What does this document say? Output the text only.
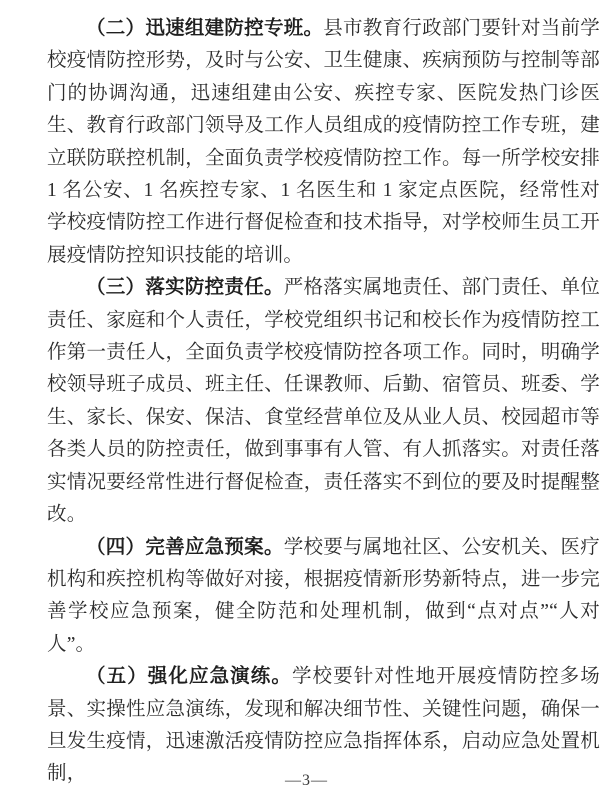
（二）迅速组建防控专班。县市教育行政部门要针对当前学校疫情防控形势，及时与公安、卫生健康、疾病预防与控制等部门的协调沟通，迅速组建由公安、疾控专家、医院发热门诊医生、教育行政部门领导及工作人员组成的疫情防控工作专班，建立联防联控机制，全面负责学校疫情防控工作。每一所学校安排 1 名公安、1 名疾控专家、1 名医生和 1 家定点医院，经常性对学校疫情防控工作进行督促检查和技术指导，对学校师生员工开展疫情防控知识技能的培训。

（三）落实防控责任。严格落实属地责任、部门责任、单位责任、家庭和个人责任，学校党组织书记和校长作为疫情防控工作第一责任人，全面负责学校疫情防控各项工作。同时，明确学校领导班子成员、班主任、任课教师、后勤、宿管员、班委、学生、家长、保安、保洁、食堂经营单位及从业人员、校园超市等各类人员的防控责任，做到事事有人管、有人抓落实。对责任落实情况要经常性进行督促检查，责任落实不到位的要及时提醒整改。

（四）完善应急预案。学校要与属地社区、公安机关、医疗机构和疾控机构等做好对接，根据疫情新形势新特点，进一步完善学校应急预案，健全防范和处理机制，做到“点对点”“人对人”。

（五）强化应急演练。学校要针对性地开展疫情防控多场景、实操性应急演练，发现和解决细节性、关键性问题，确保一旦发生疫情，迅速激活疫情防控应急指挥体系，启动应急处置机制，	—3—
